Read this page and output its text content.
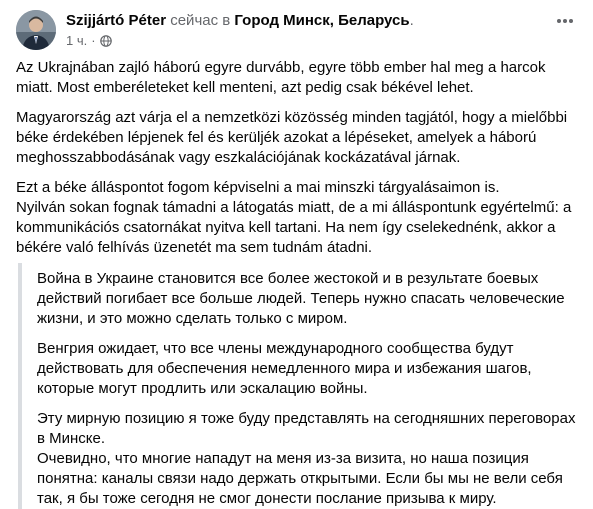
Szijjártó Péter сейчас в Город Минск, Беларусь.
1 ч. ·

Az Ukrajnában zajló háború egyre durvább, egyre több ember hal meg a harcok miatt. Most emberéleteket kell menteni, azt pedig csak békével lehet.

Magyarország azt várja el a nemzetközi közösség minden tagjától, hogy a mielőbbi béke érdekében lépjenek fel és kerüljék azokat a lépéseket, amelyek a háború meghosszabbodásának vagy eszkalációjának kockázatával járnak.

Ezt a béke álláspontot fogom képviselni a mai minszki tárgyalásaimon is.
Nyilván sokan fognak támadni a látogatás miatt, de a mi álláspontunk egyértelmű: a kommunikációs csatornákat nyitva kell tartani. Ha nem így cselekednénk, akkor a békére való felhívás üzenetét ma sem tudnám átadni.

Война в Украине становится все более жестокой и в результате боевых действий погибает все больше людей. Теперь нужно спасать человеческие жизни, и это можно сделать только с миром.

Венгрия ожидает, что все члены международного сообщества будут действовать для обеспечения немедленного мира и избежания шагов, которые могут продлить или эскалацию войны.

Эту мирную позицию я тоже буду представлять на сегодняшних переговорах в Минске.
Очевидно, что многие нападут на меня из-за визита, но наша позиция понятна: каналы связи надо держать открытыми. Если бы мы не вели себя так, я бы тоже сегодня не смог донести послание призыва к миру.
